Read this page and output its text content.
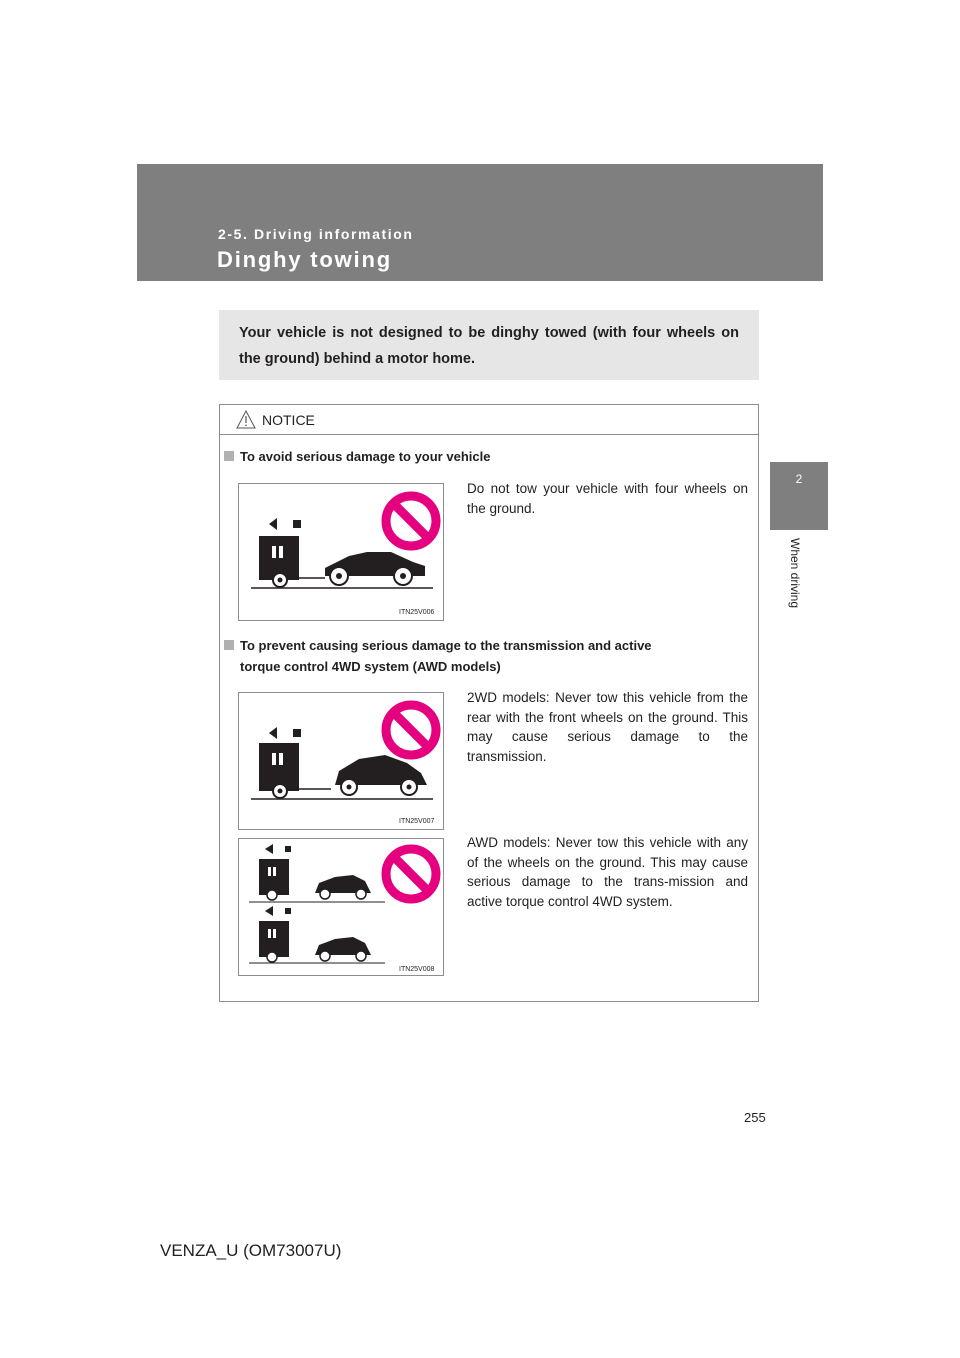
2-5. Driving information
Dinghy towing
2
When driving
Your vehicle is not designed to be dinghy towed (with four wheels on the ground) behind a motor home.
NOTICE
To avoid serious damage to your vehicle
ITN25V006
Do not tow your vehicle with four wheels on the ground.
To prevent causing serious damage to the transmission and active
torque control 4WD system (AWD models)
ITN25V007
2WD models: Never tow this vehicle from the rear with the front wheels on the ground. This may cause serious damage to the transmission.
ITN25V008
AWD models: Never tow this vehicle with any of the wheels on the ground. This may cause serious damage to the trans-mission and active torque control 4WD system.
255
VENZA_U (OM73007U)
